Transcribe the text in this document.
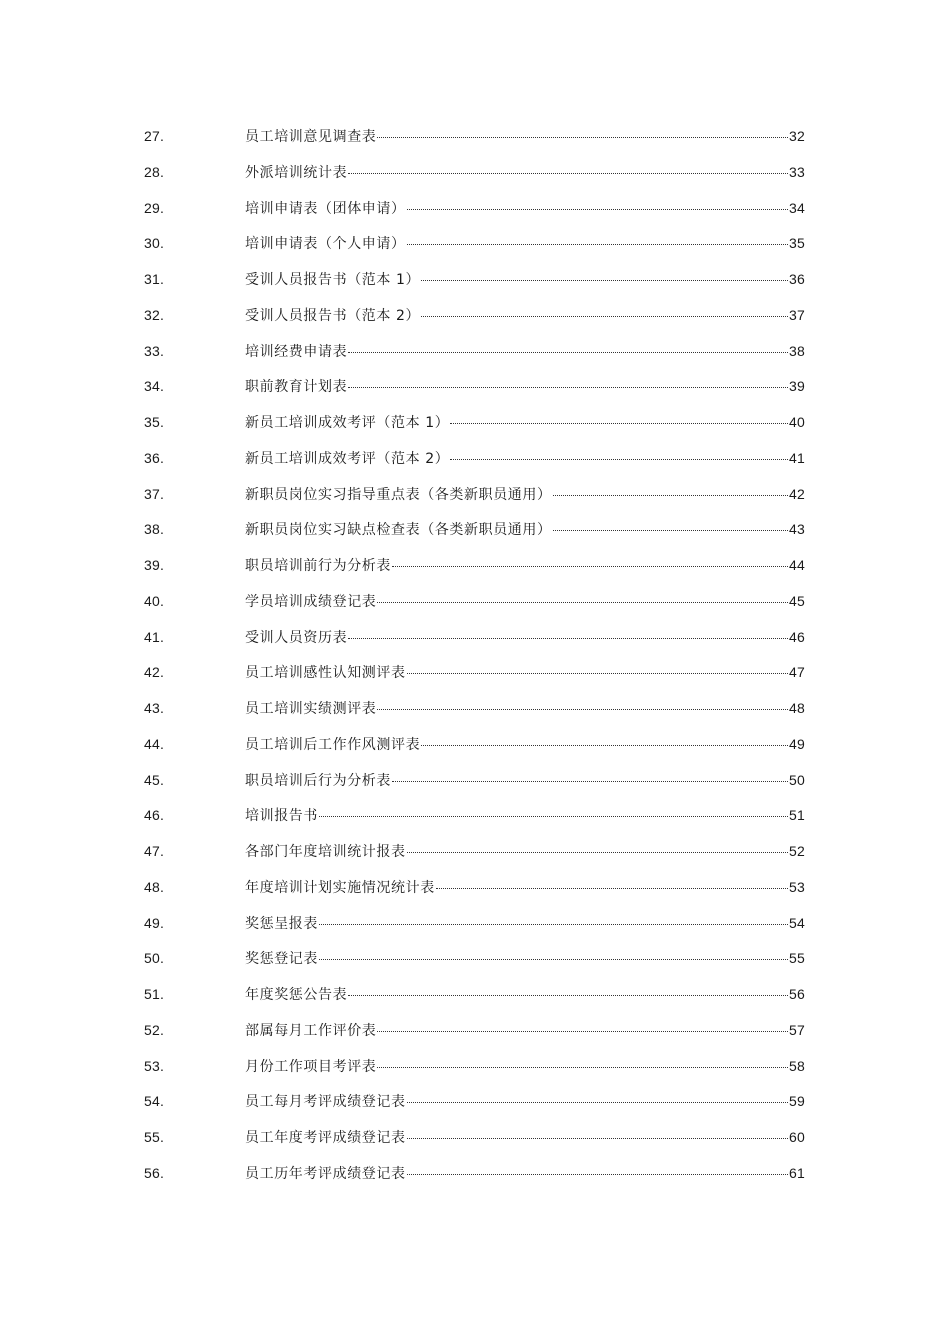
27.	员工培训意见调查表	32
28.	外派培训统计表	33
29.	培训申请表（团体申请）	34
30.	培训申请表（个人申请）	35
31.	受训人员报告书（范本 1）	36
32.	受训人员报告书（范本 2）	37
33.	培训经费申请表	38
34.	职前教育计划表	39
35.	新员工培训成效考评（范本 1）	40
36.	新员工培训成效考评（范本 2）	41
37.	新职员岗位实习指导重点表（各类新职员通用）	42
38.	新职员岗位实习缺点检查表（各类新职员通用）	43
39.	职员培训前行为分析表	44
40.	学员培训成绩登记表	45
41.	受训人员资历表	46
42.	员工培训感性认知测评表	47
43.	员工培训实绩测评表	48
44.	员工培训后工作作风测评表	49
45.	职员培训后行为分析表	50
46.	培训报告书	51
47.	各部门年度培训统计报表	52
48.	年度培训计划实施情况统计表	53
49.	奖惩呈报表	54
50.	奖惩登记表	55
51.	年度奖惩公告表	56
52.	部属每月工作评价表	57
53.	月份工作项目考评表	58
54.	员工每月考评成绩登记表	59
55.	员工年度考评成绩登记表	60
56.	员工历年考评成绩登记表	61
